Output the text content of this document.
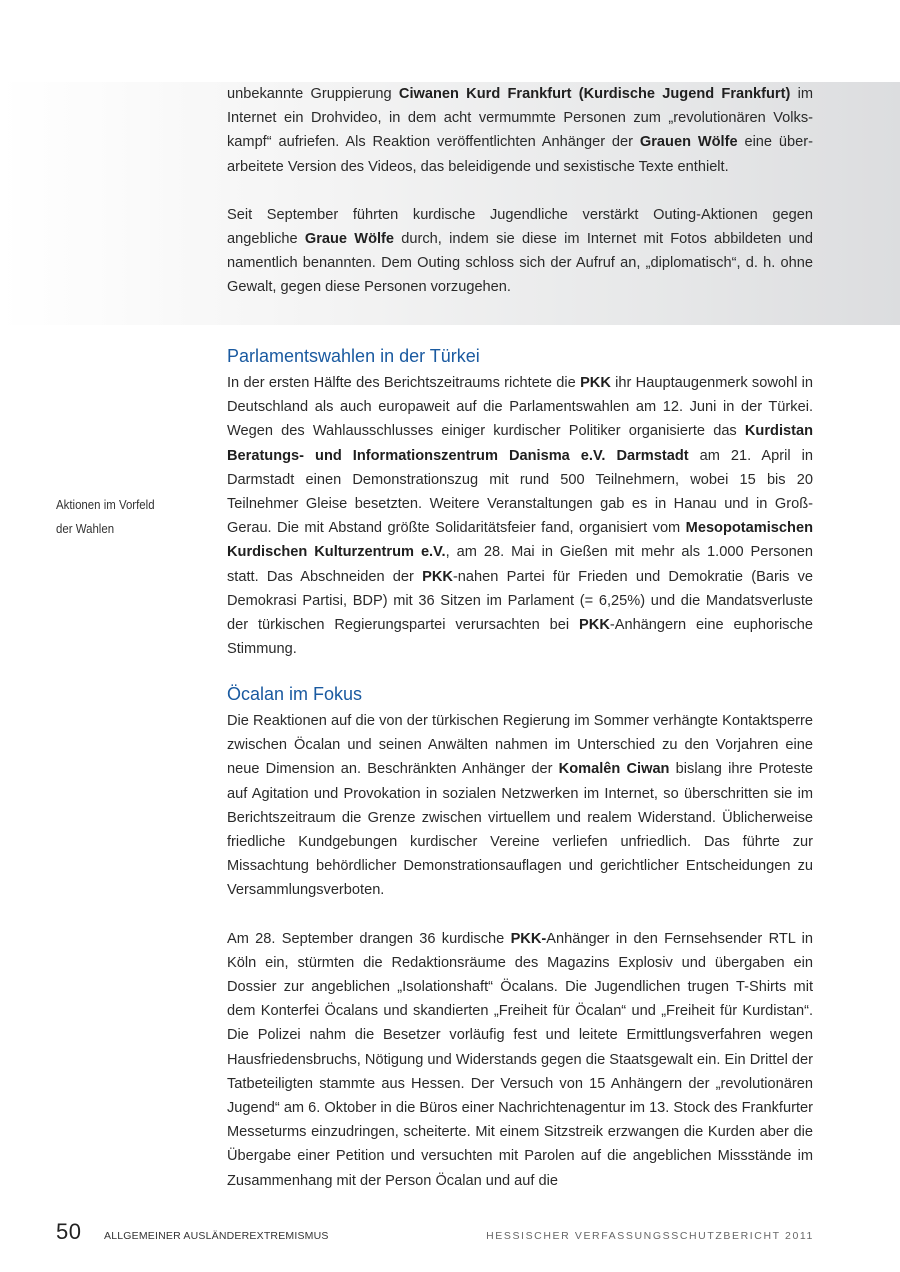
unbekannte Gruppierung Ciwanen Kurd Frankfurt (Kurdische Jugend Frankfurt) im Internet ein Drohvideo, in dem acht vermummte Personen zum „revolutionären Volkskampf“ aufriefen. Als Reaktion veröffentlichten Anhänger der Grauen Wölfe eine überarbeitete Version des Videos, das beleidigende und sexistische Texte enthielt.

Seit September führten kurdische Jugendliche verstärkt Outing-Aktionen gegen angebliche Graue Wölfe durch, indem sie diese im Internet mit Fotos abbildeten und namentlich benannten. Dem Outing schloss sich der Aufruf an, „diplomatisch“, d. h. ohne Gewalt, gegen diese Personen vorzugehen.

Parlamentswahlen in der Türkei

In der ersten Hälfte des Berichtszeitraums richtete die PKK ihr Hauptaugenmerk sowohl in Deutschland als auch europaweit auf die Parlamentswahlen am 12. Juni in der Türkei. Wegen des Wahlausschlusses einiger kurdischer Politiker organisierte das Kurdistan Beratungs- und Informationszentrum Danisma e.V. Darmstadt am 21. April in Darmstadt einen Demonstrationszug mit rund 500 Teilnehmern, wobei 15 bis 20 Teilnehmer Gleise besetzten. Weitere Veranstaltungen gab es in Hanau und in Groß-Gerau. Die mit Abstand größte Solidaritätsfeier fand, organisiert vom Mesopotamischen Kurdischen Kulturzentrum e.V., am 28. Mai in Gießen mit mehr als 1.000 Personen statt. Das Abschneiden der PKK-nahen Partei für Frieden und Demokratie (Baris ve Demokrasi Partisi, BDP) mit 36 Sitzen im Parlament (= 6,25%) und die Mandatsverluste der türkischen Regierungspartei verursachten bei PKK-Anhängern eine euphorische Stimmung.

Aktionen im Vorfeld
der Wahlen
Öcalan im Fokus

Die Reaktionen auf die von der türkischen Regierung im Sommer verhängte Kontaktsperre zwischen Öcalan und seinen Anwälten nahmen im Unterschied zu den Vorjahren eine neue Dimension an. Beschränkten Anhänger der Komalên Ciwan bislang ihre Proteste auf Agitation und Provokation in sozialen Netzwerken im Internet, so überschritten sie im Berichtszeitraum die Grenze zwischen virtuellem und realem Widerstand. Üblicherweise friedliche Kundgebungen kurdischer Vereine verliefen unfriedlich. Das führte zur Missachtung behördlicher Demonstrationsauflagen und gerichtlicher Entscheidungen zu Versammlungsverboten.

Am 28. September drangen 36 kurdische PKK-Anhänger in den Fernsehsender RTL in Köln ein, stürmten die Redaktionsräume des Magazins Explosiv und übergaben ein Dossier zur angeblichen „Isolationshaft“ Öcalans. Die Jugendlichen trugen T-Shirts mit dem Konterfei Öcalans und skandierten „Freiheit für Öcalan“ und „Freiheit für Kurdistan“. Die Polizei nahm die Besetzer vorläufig fest und leitete Ermittlungsverfahren wegen Hausfriedensbruchs, Nötigung und Widerstands gegen die Staatsgewalt ein. Ein Drittel der Tatbeteiligten stammte aus Hessen. Der Versuch von 15 Anhängern der „revolutionären Jugend“ am 6. Oktober in die Büros einer Nachrichtenagentur im 13. Stock des Frankfurter Messeturms einzudringen, scheiterte. Mit einem Sitzstreik erzwangen die Kurden aber die Übergabe einer Petition und versuchten mit Parolen auf die angeblichen Missstände im Zusammenhang mit der Person Öcalan und auf die

50 ALLGEMEINER AUSLÄNDEREXTREMISMUS	HESSISCHER VERFASSUNGSSCHUTZBERICHT 2011
